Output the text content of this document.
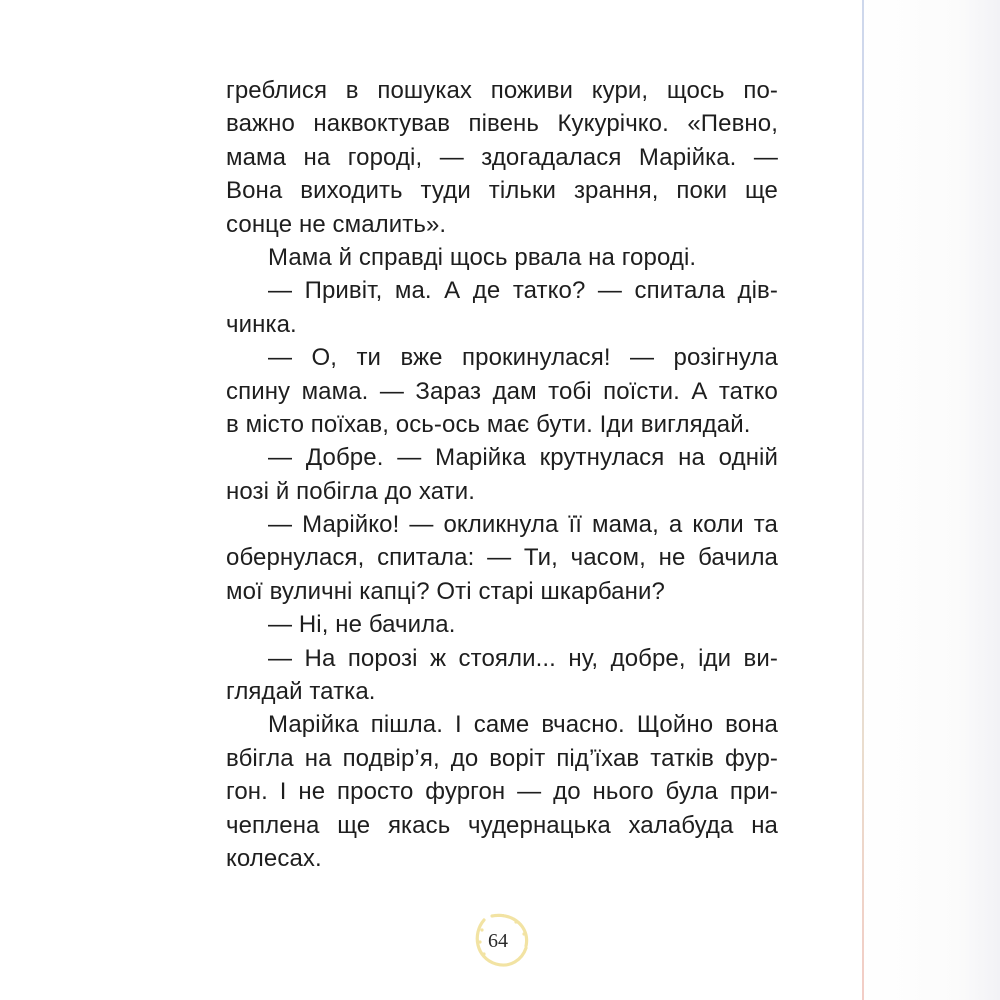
греблися в пошуках поживи кури, щось по-
важно наквоктував півень Кукурічко. «Певно,
мама на городі, — здогадалася Марійка. —
Вона виходить туди тільки зрання, поки ще
сонце не смалить».
Мама й справді щось рвала на городі.
— Привіт, ма. А де татко? — спитала дів-
чинка.
— О, ти вже прокинулася! — розігнула
спину мама. — Зараз дам тобі поїсти. А татко
в місто поїхав, ось-ось має бути. Іди виглядай.
— Добре. — Марійка крутнулася на одній
нозі й побігла до хати.
— Марійко! — окликнула її мама, а коли та
обернулася, спитала: — Ти, часом, не бачила
мої вуличні капці? Оті старі шкарбани?
— Ні, не бачила.
— На порозі ж стояли... ну, добре, іди ви-
глядай татка.
Марійка пішла. І саме вчасно. Щойно вона
вбігла на подвір’я, до воріт під’їхав татків фур-
гон. І не просто фургон — до нього була при-
чеплена ще якась чудернацька халабуда на
колесах.
64
